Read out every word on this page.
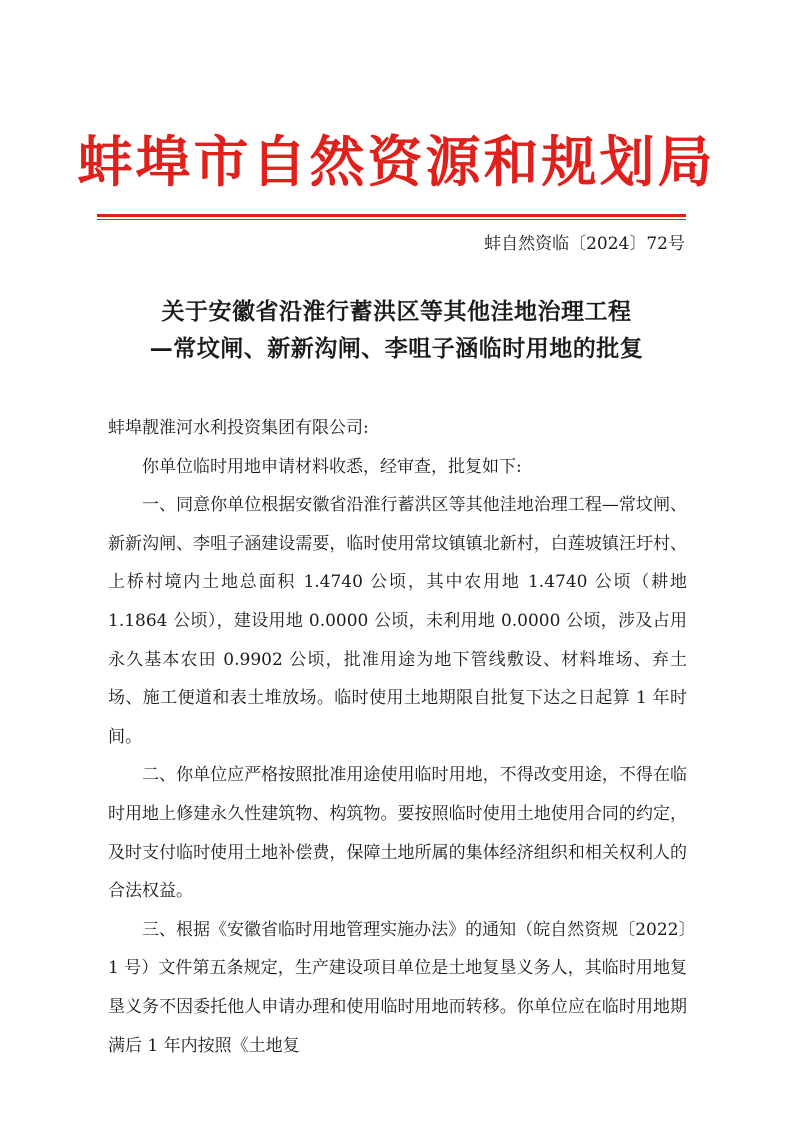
蚌埠市自然资源和规划局
蚌自然资临〔2024〕72号
关于安徽省沿淮行蓄洪区等其他洼地治理工程
—常坟闸、新新沟闸、李咀子涵临时用地的批复

蚌埠靓淮河水利投资集团有限公司:

你单位临时用地申请材料收悉，经审查，批复如下:

一、同意你单位根据安徽省沿淮行蓄洪区等其他洼地治理工程—常坟闸、新新沟闸、李咀子涵建设需要，临时使用常坟镇镇北新村，白莲坡镇汪圩村、上桥村境内土地总面积 1.4740 公顷，其中农用地 1.4740 公顷（耕地 1.1864 公顷），建设用地 0.0000 公顷，未利用地 0.0000 公顷，涉及占用永久基本农田 0.9902 公顷，批准用途为地下管线敷设、材料堆场、弃土场、施工便道和表土堆放场。临时使用土地期限自批复下达之日起算 1 年时间。

二、你单位应严格按照批准用途使用临时用地，不得改变用途，不得在临时用地上修建永久性建筑物、构筑物。要按照临时使用土地使用合同的约定，及时支付临时使用土地补偿费，保障土地所属的集体经济组织和相关权利人的合法权益。

三、根据《安徽省临时用地管理实施办法》的通知（皖自然资规〔2022〕1 号）文件第五条规定，生产建设项目单位是土地复垦义务人，其临时用地复垦义务不因委托他人申请办理和使用临时用地而转移。你单位应在临时用地期满后 1 年内按照《土地复
